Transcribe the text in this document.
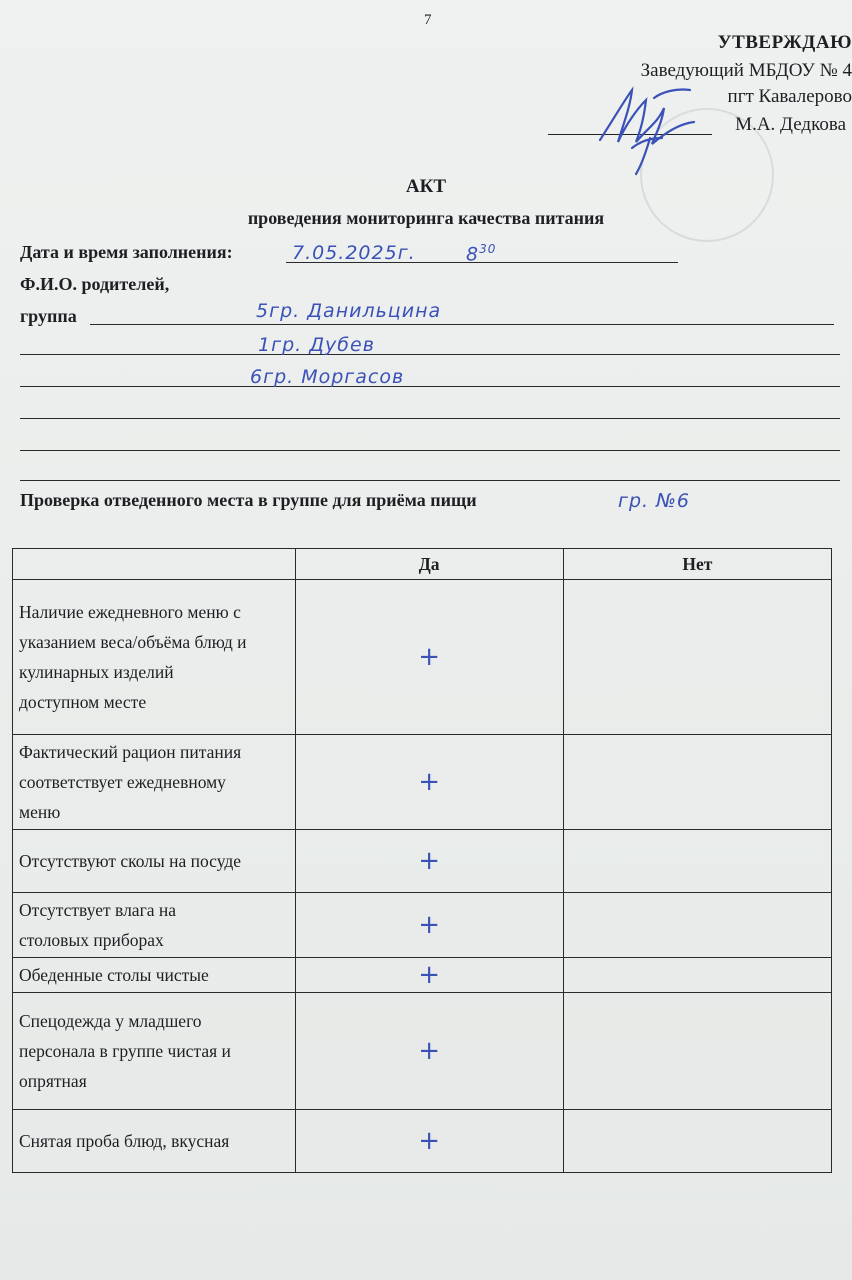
7
УТВЕРЖДАЮ
Заведующий МБДОУ № 4
пгт Кавалерово
М.А. Дедкова
АКТ
проведения мониторинга качества питания
Дата и время заполнения:	7.05.2025г.	$8^{30}$
Ф.И.О. родителей,
группа	5гр. Данильцина
1гр. Дубев
6гр. Моргасов
Проверка отведенного места в группе для приёма пищи	гр. №6
	Да	Нет

Наличие ежедневного меню с указанием веса/объёма блюд и кулинарных изделий доступном месте	+	

Фактический рацион питания соответствует ежедневному меню	+	

Отсутствуют сколы на посуде	+	

Отсутствует влага на столовых приборах	+	

Обеденные столы чистые	+	

Спецодежда у младшего персонала в группе чистая и опрятная	+	

Снятая проба блюд, вкусная	+	
